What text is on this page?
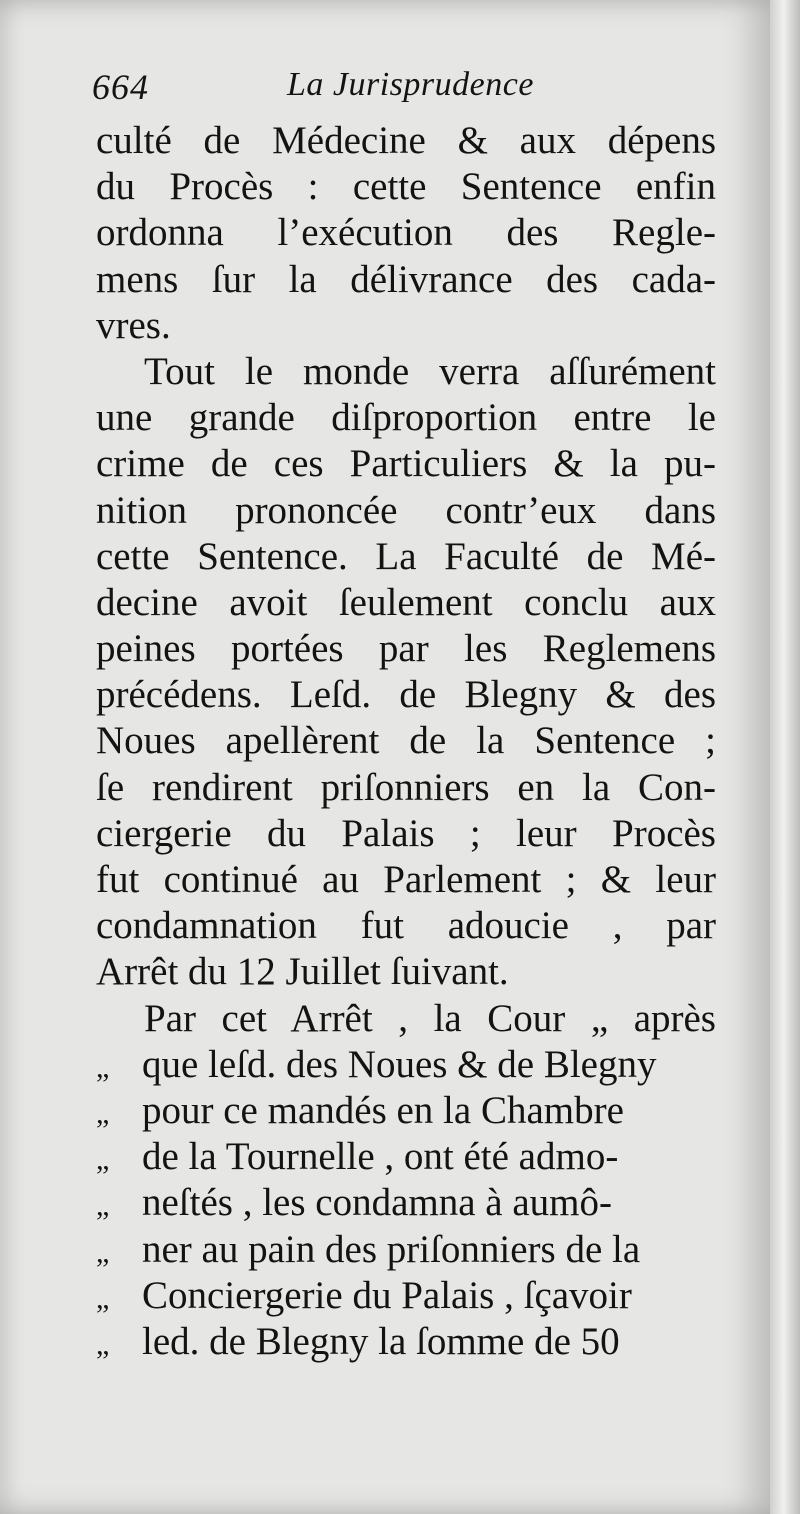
664	La Jurisprudence
culté de Médecine & aux dépens
du Procès : cette Sentence enfin
ordonna l’exécution des Regle-
mens ſur la délivrance des cada-
vres.
Tout le monde verra aſſurément
une grande diſproportion entre le
crime de ces Particuliers & la pu-
nition prononcée contr’eux dans
cette Sentence. La Faculté de Mé-
decine avoit ſeulement conclu aux
peines portées par les Reglemens
précédens. Leſd. de Blegny & des
Noues apellèrent de la Sentence ;
ſe rendirent priſonniers en la Con-
ciergerie du Palais ; leur Procès
fut continué au Parlement ; & leur
condamnation fut adoucie , par
Arrêt du 12 Juillet ſuivant.
Par cet Arrêt , la Cour „ après
„ que leſd. des Noues & de Blegny
„ pour ce mandés en la Chambre
„ de la Tournelle , ont été admo-
„ neſtés , les condamna à aumô-
„ ner au pain des priſonniers de la
„ Conciergerie du Palais , ſçavoir
„ led. de Blegny la ſomme de 50
